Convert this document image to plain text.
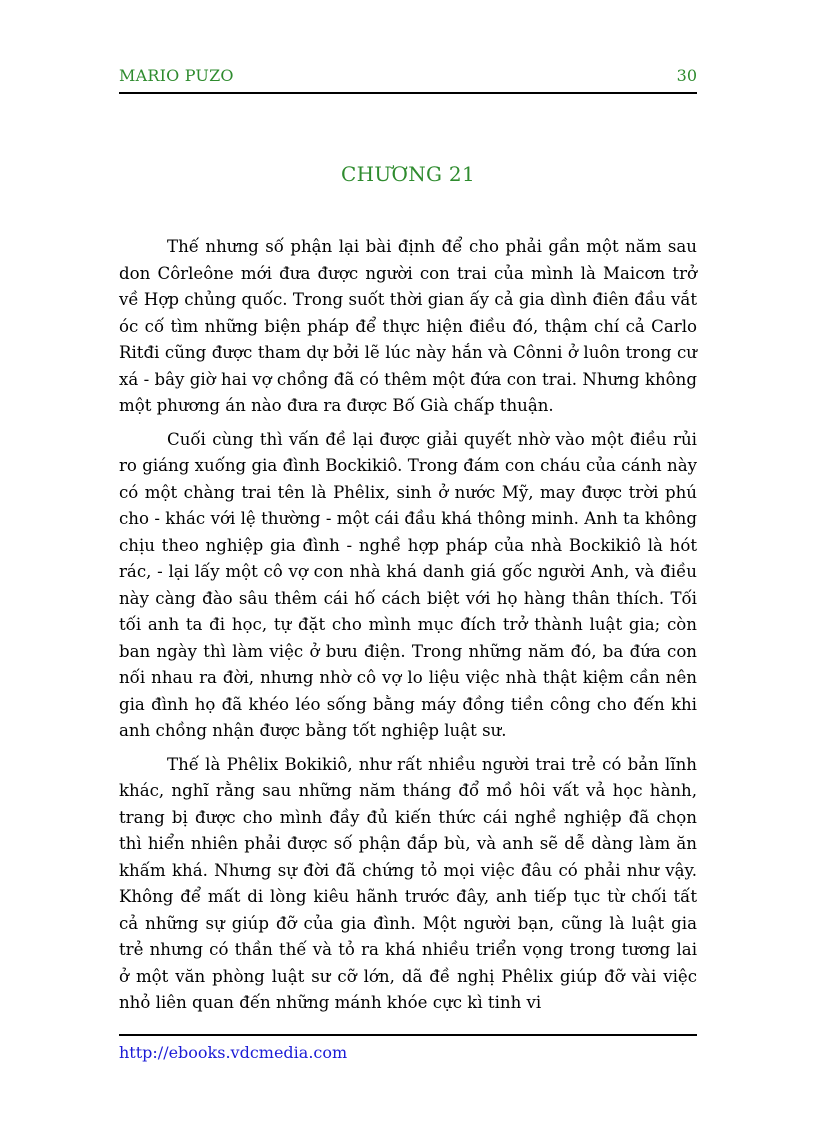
MARIO PUZO	30
CHƯƠNG 21

Thế nhưng số phận lại bài định để cho phải gần một năm sau don Côrleône mới đưa được người con trai của mình là Maicơn trở về Hợp chủng quốc. Trong suốt thời gian ấy cả gia dình điên đầu vắt óc cố tìm những biện pháp để thực hiện điều đó, thậm chí cả Carlo Ritđi cũng được tham dự bởi lẽ lúc này hắn và Cônni ở luôn trong cư xá - bây giờ hai vợ chồng đã có thêm một đứa con trai. Nhưng không một phương án nào đưa ra được Bố Già chấp thuận.

Cuối cùng thì vấn đề lại được giải quyết nhờ vào một điều rủi ro giáng xuống gia đình Bockikiô. Trong đám con cháu của cánh này có một chàng trai tên là Phêlix, sinh ở nước Mỹ, may được trời phú cho - khác với lệ thường - một cái đầu khá thông minh. Anh ta không chịu theo nghiệp gia đình - nghề hợp pháp của nhà Bockikiô là hót rác, - lại lấy một cô vợ con nhà khá danh giá gốc người Anh, và điều này càng đào sâu thêm cái hố cách biệt với họ hàng thân thích. Tối tối anh ta đi học, tự đặt cho mình mục đích trở thành luật gia; còn ban ngày thì làm việc ở bưu điện. Trong những năm đó, ba đứa con nối nhau ra đời, nhưng nhờ cô vợ lo liệu việc nhà thật kiệm cần nên gia đình họ đã khéo léo sống bằng máy đồng tiền công cho đến khi anh chồng nhận được bằng tốt nghiệp luật sư.

Thế là Phêlix Bokikiô, như rất nhiều người trai trẻ có bản lĩnh khác, nghĩ rằng sau những năm tháng đổ mồ hôi vất vả học hành, trang bị được cho mình đầy đủ kiến thức cái nghề nghiệp đã chọn thì hiển nhiên phải được số phận đắp bù, và anh sẽ dễ dàng làm ăn khấm khá. Nhưng sự đời đã chứng tỏ mọi việc đâu có phải như vậy. Không để mất di lòng kiêu hãnh trước đây, anh tiếp tục từ chối tất cả những sự giúp đỡ của gia đình. Một người bạn, cũng là luật gia trẻ nhưng có thần thế và tỏ ra khá nhiều triển vọng trong tương lai ở một văn phòng luật sư cỡ lớn, dã đề nghị Phêlix giúp đỡ vài việc nhỏ liên quan đến những mánh khóe cực kì tinh vi

http://ebooks.vdcmedia.com
